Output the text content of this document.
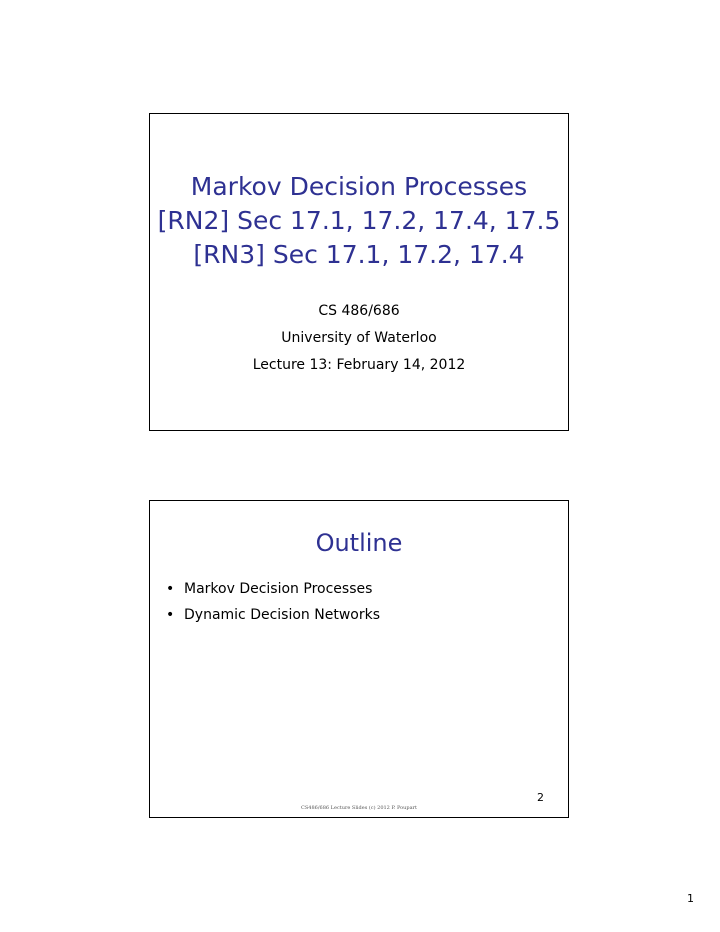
Markov Decision Processes
[RN2] Sec 17.1, 17.2, 17.4, 17.5
[RN3] Sec 17.1, 17.2, 17.4
CS 486/686
University of Waterloo
Lecture 13: February 14, 2012
Outline
• Markov Decision Processes
• Dynamic Decision Networks
2
CS486/686 Lecture Slides (c) 2012 P. Poupart
1
